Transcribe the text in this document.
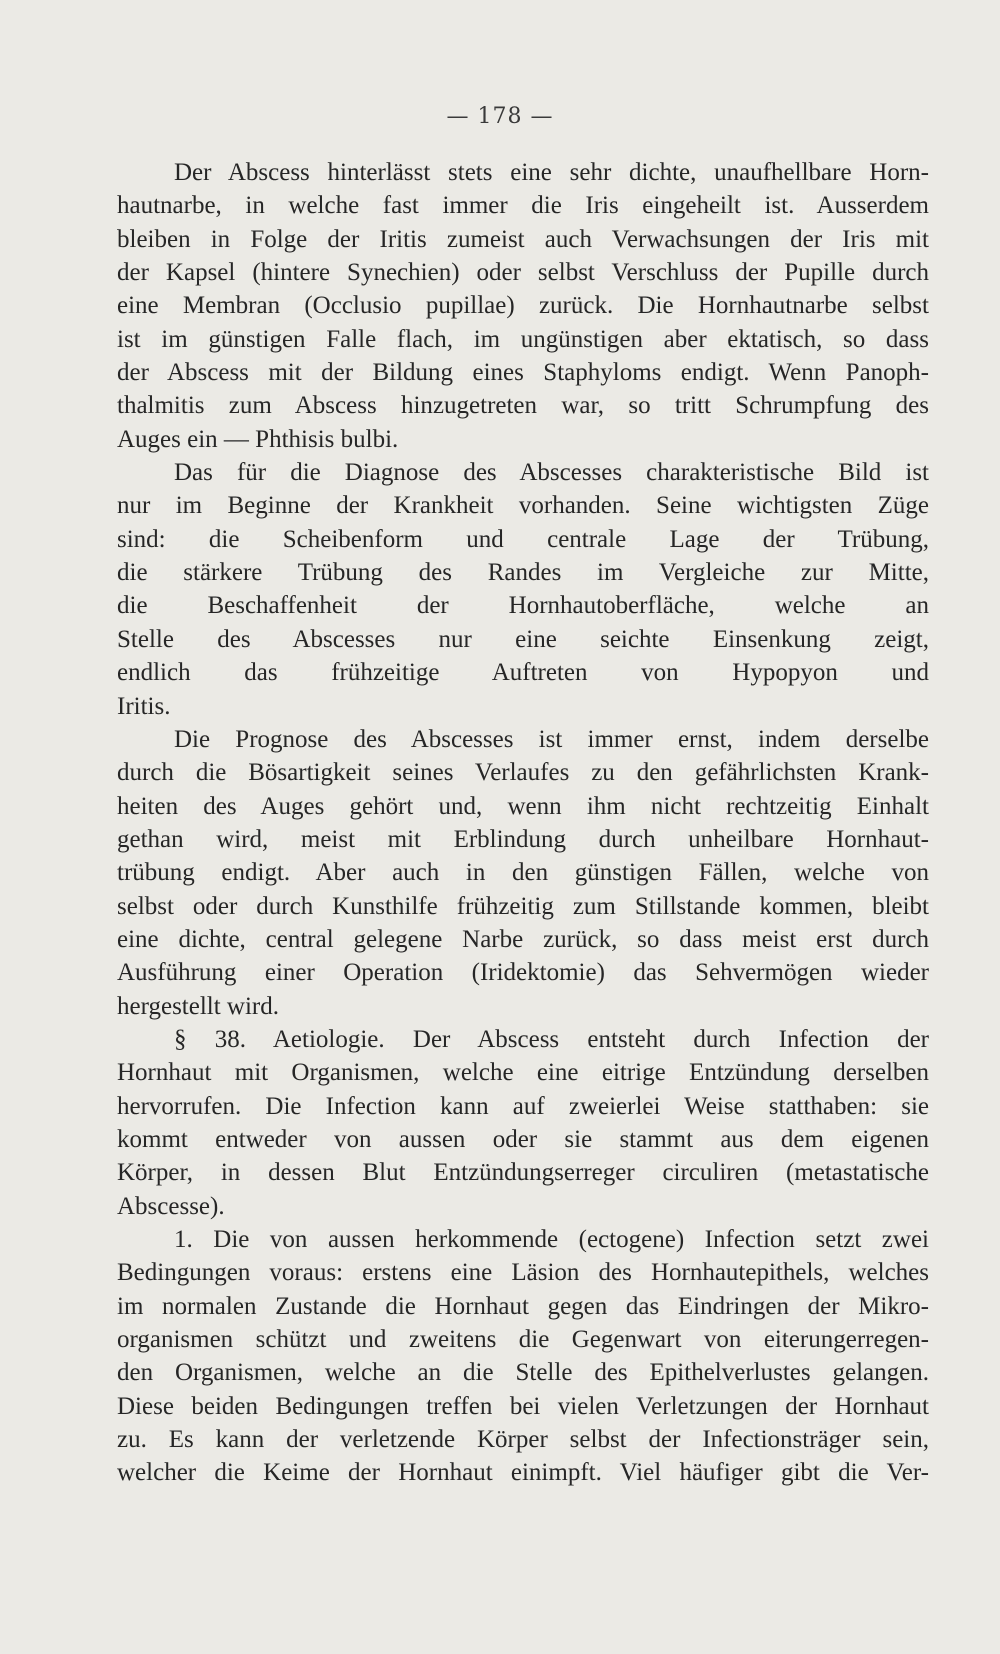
— 178 —
Der Abscess hinterlässt stets eine sehr dichte, unaufhellbare Horn-
hautnarbe, in welche fast immer die Iris eingeheilt ist. Ausserdem
bleiben in Folge der Iritis zumeist auch Verwachsungen der Iris mit
der Kapsel (hintere Synechien) oder selbst Verschluss der Pupille durch
eine Membran (Occlusio pupillae) zurück. Die Hornhautnarbe selbst
ist im günstigen Falle flach, im ungünstigen aber ektatisch, so dass
der Abscess mit der Bildung eines Staphyloms endigt. Wenn Panoph-
thalmitis zum Abscess hinzugetreten war, so tritt Schrumpfung des
Auges ein — Phthisis bulbi.
Das für die Diagnose des Abscesses charakteristische Bild ist
nur im Beginne der Krankheit vorhanden. Seine wichtigsten Züge
sind: die Scheibenform und centrale Lage der Trübung,
die stärkere Trübung des Randes im Vergleiche zur Mitte,
die Beschaffenheit der Hornhautoberfläche, welche an
Stelle des Abscesses nur eine seichte Einsenkung zeigt,
endlich das frühzeitige Auftreten von Hypopyon und
Iritis.
Die Prognose des Abscesses ist immer ernst, indem derselbe
durch die Bösartigkeit seines Verlaufes zu den gefährlichsten Krank-
heiten des Auges gehört und, wenn ihm nicht rechtzeitig Einhalt
gethan wird, meist mit Erblindung durch unheilbare Hornhaut-
trübung endigt. Aber auch in den günstigen Fällen, welche von
selbst oder durch Kunsthilfe frühzeitig zum Stillstande kommen, bleibt
eine dichte, central gelegene Narbe zurück, so dass meist erst durch
Ausführung einer Operation (Iridektomie) das Sehvermögen wieder
hergestellt wird.
§ 38. Aetiologie. Der Abscess entsteht durch Infection der
Hornhaut mit Organismen, welche eine eitrige Entzündung derselben
hervorrufen. Die Infection kann auf zweierlei Weise statthaben: sie
kommt entweder von aussen oder sie stammt aus dem eigenen
Körper, in dessen Blut Entzündungserreger circuliren (metastatische
Abscesse).
1. Die von aussen herkommende (ectogene) Infection setzt zwei
Bedingungen voraus: erstens eine Läsion des Hornhautepithels, welches
im normalen Zustande die Hornhaut gegen das Eindringen der Mikro-
organismen schützt und zweitens die Gegenwart von eiterungerregen-
den Organismen, welche an die Stelle des Epithelverlustes gelangen.
Diese beiden Bedingungen treffen bei vielen Verletzungen der Hornhaut
zu. Es kann der verletzende Körper selbst der Infectionsträger sein,
welcher die Keime der Hornhaut einimpft. Viel häufiger gibt die Ver-
